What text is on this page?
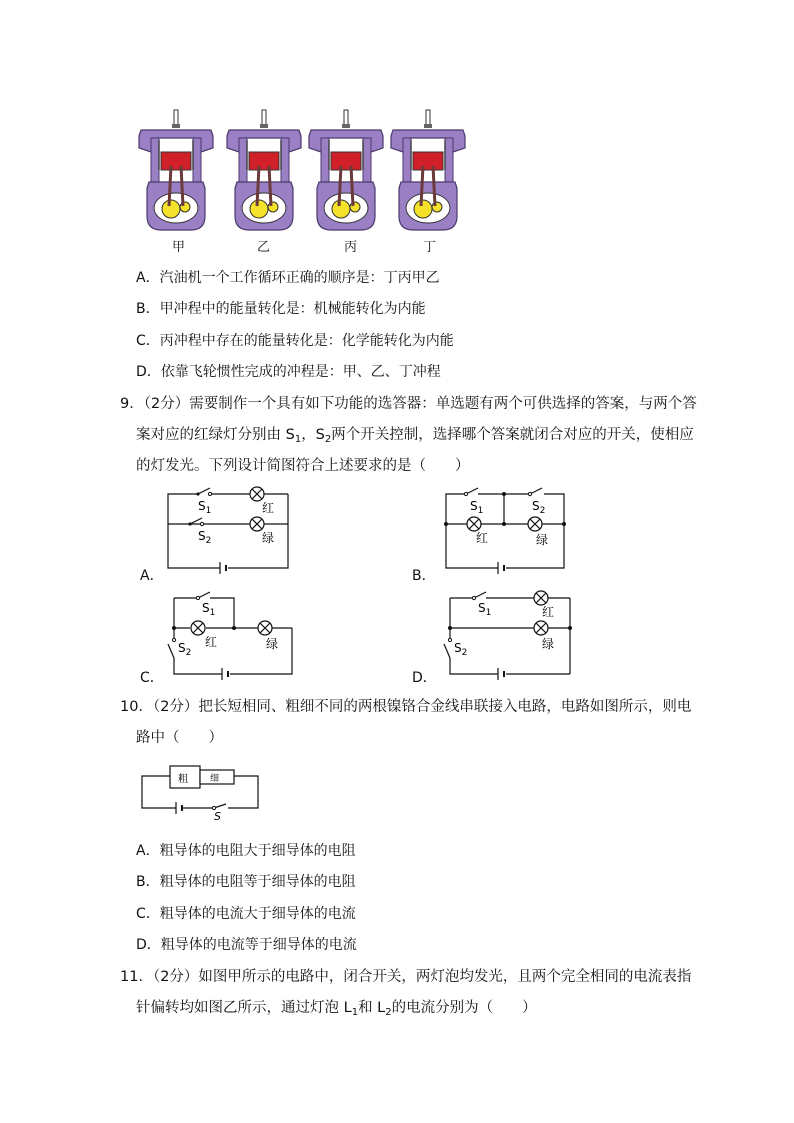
甲	乙	丙	丁
A．汽油机一个工作循环正确的顺序是：丁丙甲乙
B．甲冲程中的能量转化是：机械能转化为内能
C．丙冲程中存在的能量转化是：化学能转化为内能
D．依靠飞轮惯性完成的冲程是：甲、乙、丁冲程
9．（2分）需要制作一个具有如下功能的选答器：单选题有两个可供选择的答案，与两个答
案对应的红绿灯分别由 $S_1$，$S_2$两个开关控制，选择哪个答案就闭合对应的开关，使相应
的灯发光。下列设计简图符合上述要求的是（　　）
$S_1$
$S_2$
红
绿
A．
$S_1$	$S_2$
红	绿
B．
$S_1$
$S_2$
红	绿
C．
$S_1$
$S_2$
红
绿
D．
10．（2分）把长短相同、粗细不同的两根镍铬合金线串联接入电路，电路如图所示，则电
路中（　　）
粗 细
S
A．粗导体的电阻大于细导体的电阻
B．粗导体的电阻等于细导体的电阻
C．粗导体的电流大于细导体的电流
D．粗导体的电流等于细导体的电流
11．（2分）如图甲所示的电路中，闭合开关，两灯泡均发光，且两个完全相同的电流表指
针偏转均如图乙所示，通过灯泡 $L_1$和 $L_2$的电流分别为（　　）
